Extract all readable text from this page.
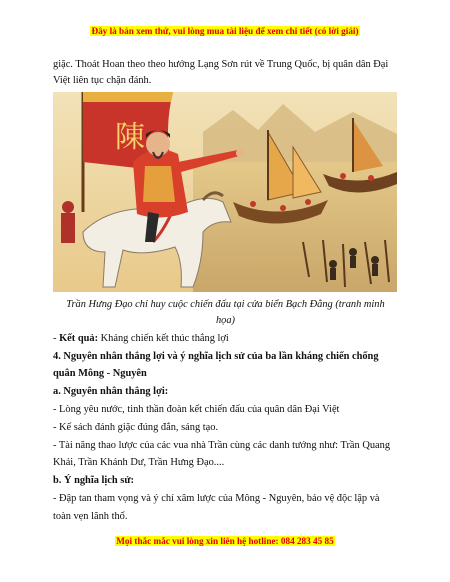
Đây là bản xem thử, vui lòng mua tài liệu để xem chi tiết (có lời giải)
giặc. Thoát Hoan theo theo hướng Lạng Sơn rút về Trung Quốc, bị quân dân Đại
Việt liên tục chặn đánh.
陳
Trần Hưng Đạo chỉ huy cuộc chiến đấu tại cửa biển Bạch Đằng (tranh minh
họa)
- Kết quả: Kháng chiến kết thúc thắng lợi
4. Nguyên nhân thắng lợi và ý nghĩa lịch sử của ba lần kháng chiến chống
quân Mông - Nguyên
a. Nguyên nhân thắng lợi:
- Lòng yêu nước, tinh thần đoàn kết chiến đấu của quân dân Đại Việt
- Kế sách đánh giặc đúng đắn, sáng tạo.
- Tài năng thao lược của các vua nhà Trần cùng các danh tướng như: Trần Quang
Khải, Trần Khánh Dư, Trần Hưng Đạo....
b. Ý nghĩa lịch sử:
- Đập tan tham vọng và ý chí xâm lược của Mông - Nguyên, bảo vệ độc lập và
toàn vẹn lãnh thổ.
Mọi thắc mắc vui lòng xin liên hệ hotline: 084 283 45 85
